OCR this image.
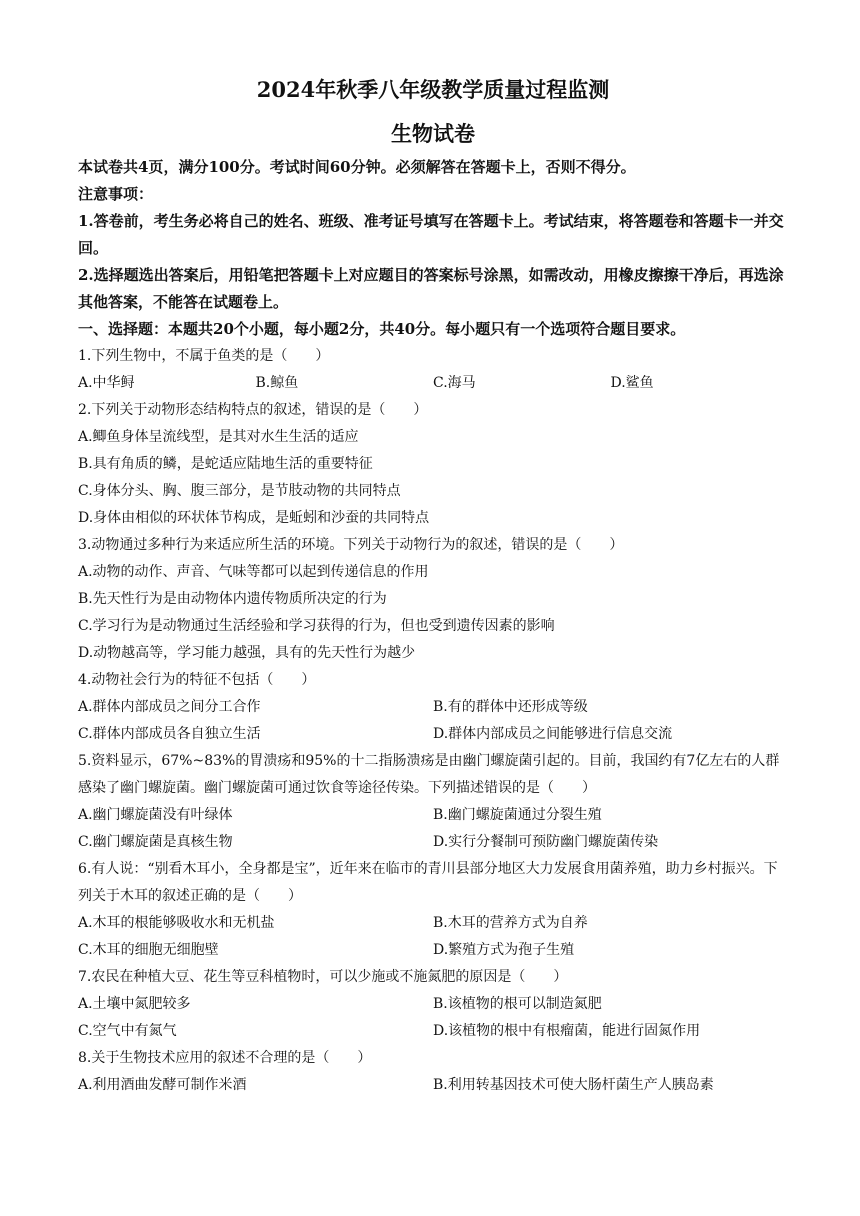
2024年秋季八年级教学质量过程监测
生物试卷

本试卷共4页，满分100分。考试时间60分钟。必须解答在答题卡上，否则不得分。

注意事项：

1.答卷前，考生务必将自己的姓名、班级、准考证号填写在答题卡上。考试结束，将答题卷和答题卡一并交回。

2.选择题选出答案后，用铅笔把答题卡上对应题目的答案标号涂黑，如需改动，用橡皮擦擦干净后，再选涂其他答案，不能答在试题卷上。

一、选择题：本题共20个小题，每小题2分，共40分。每小题只有一个选项符合题目要求。

1.下列生物中，不属于鱼类的是（　　）

A.中华鲟	B.鲸鱼	C.海马	D.鲨鱼

2.下列关于动物形态结构特点的叙述，错误的是（　　）

A.鲫鱼身体呈流线型，是其对水生生活的适应
B.具有角质的鳞，是蛇适应陆地生活的重要特征
C.身体分头、胸、腹三部分，是节肢动物的共同特点
D.身体由相似的环状体节构成，是蚯蚓和沙蚕的共同特点

3.动物通过多种行为来适应所生活的环境。下列关于动物行为的叙述，错误的是（　　）

A.动物的动作、声音、气味等都可以起到传递信息的作用
B.先天性行为是由动物体内遗传物质所决定的行为
C.学习行为是动物通过生活经验和学习获得的行为，但也受到遗传因素的影响
D.动物越高等，学习能力越强，具有的先天性行为越少

4.动物社会行为的特征不包括（　　）

A.群体内部成员之间分工合作	B.有的群体中还形成等级
C.群体内部成员各自独立生活	D.群体内部成员之间能够进行信息交流

5.资料显示，67%~83%的胃溃疡和95%的十二指肠溃疡是由幽门螺旋菌引起的。目前，我国约有7亿左右的人群感染了幽门螺旋菌。幽门螺旋菌可通过饮食等途径传染。下列描述错误的是（　　）

A.幽门螺旋菌没有叶绿体	B.幽门螺旋菌通过分裂生殖
C.幽门螺旋菌是真核生物	D.实行分餐制可预防幽门螺旋菌传染

6.有人说：“别看木耳小，全身都是宝”，近年来在临市的青川县部分地区大力发展食用菌养殖，助力乡村振兴。下列关于木耳的叙述正确的是（　　）

A.木耳的根能够吸收水和无机盐	B.木耳的营养方式为自养
C.木耳的细胞无细胞壁	D.繁殖方式为孢子生殖

7.农民在种植大豆、花生等豆科植物时，可以少施或不施氮肥的原因是（　　）

A.土壤中氮肥较多	B.该植物的根可以制造氮肥
C.空气中有氮气	D.该植物的根中有根瘤菌，能进行固氮作用

8.关于生物技术应用的叙述不合理的是（　　）

A.利用酒曲发酵可制作米酒	B.利用转基因技术可使大肠杆菌生产人胰岛素
